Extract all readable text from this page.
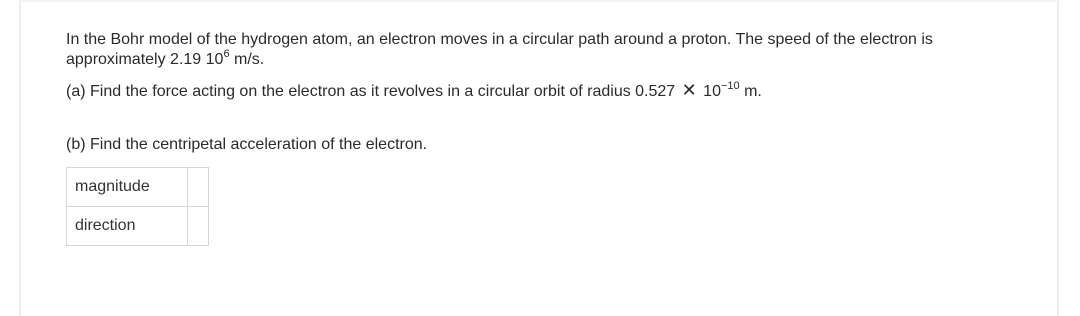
In the Bohr model of the hydrogen atom, an electron moves in a circular path around a proton. The speed of the electron is approximately 2.19 $10^6$ m/s.

(a) Find the force acting on the electron as it revolves in a circular orbit of radius 0.527 ✕ $10^{-10}$ m.

(b) Find the centripetal acceleration of the electron.

magnitude	
direction	
